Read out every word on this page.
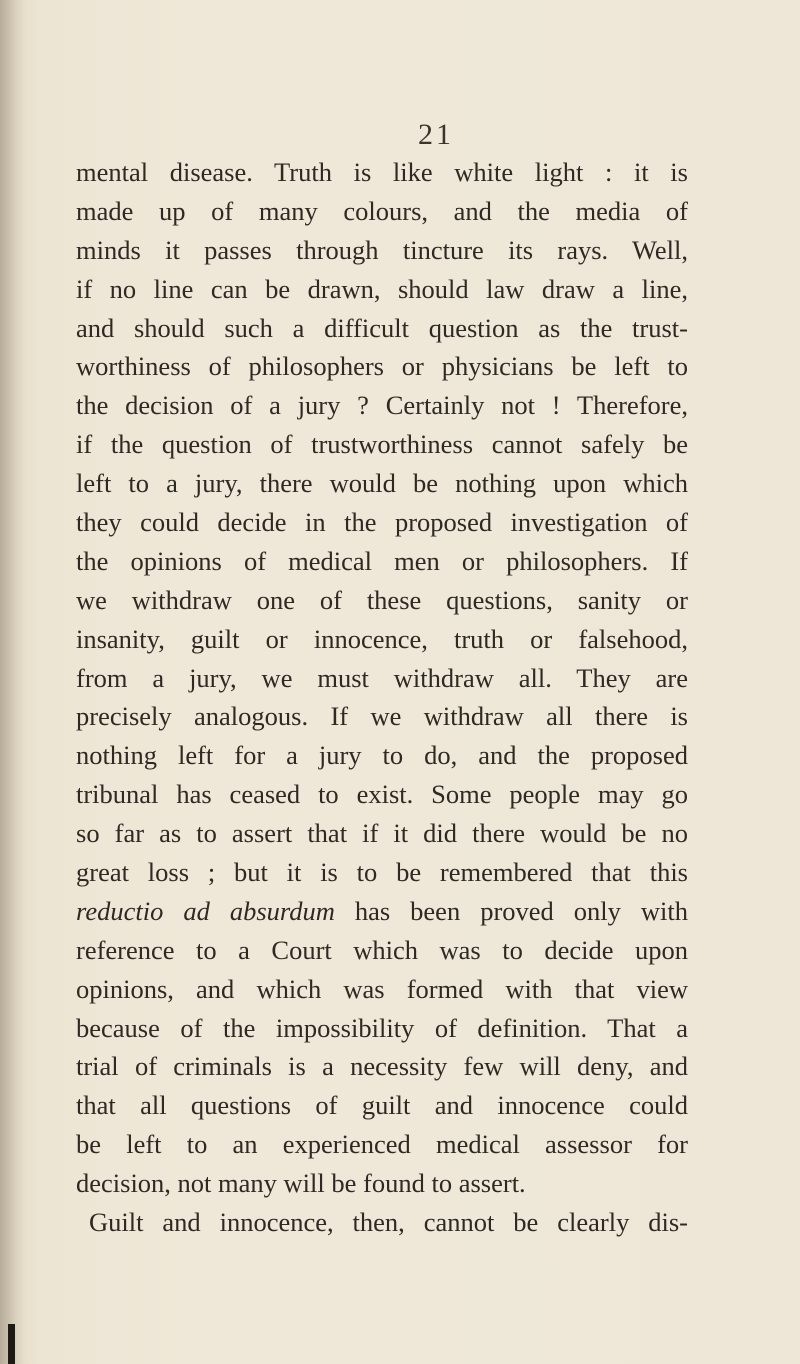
21
mental disease. Truth is like white light : it is
made up of many colours, and the media of
minds it passes through tincture its rays. Well,
if no line can be drawn, should law draw a line,
and should such a difficult question as the trust-
worthiness of philosophers or physicians be left to
the decision of a jury ? Certainly not ! Therefore,
if the question of trustworthiness cannot safely be
left to a jury, there would be nothing upon which
they could decide in the proposed investigation of
the opinions of medical men or philosophers. If
we withdraw one of these questions, sanity or
insanity, guilt or innocence, truth or falsehood,
from a jury, we must withdraw all. They are
precisely analogous. If we withdraw all there is
nothing left for a jury to do, and the proposed
tribunal has ceased to exist. Some people may go
so far as to assert that if it did there would be no
great loss ; but it is to be remembered that this
reductio ad absurdum has been proved only with
reference to a Court which was to decide upon
opinions, and which was formed with that view
because of the impossibility of definition. That a
trial of criminals is a necessity few will deny, and
that all questions of guilt and innocence could
be left to an experienced medical assessor for
decision, not many will be found to assert.
Guilt and innocence, then, cannot be clearly dis-
